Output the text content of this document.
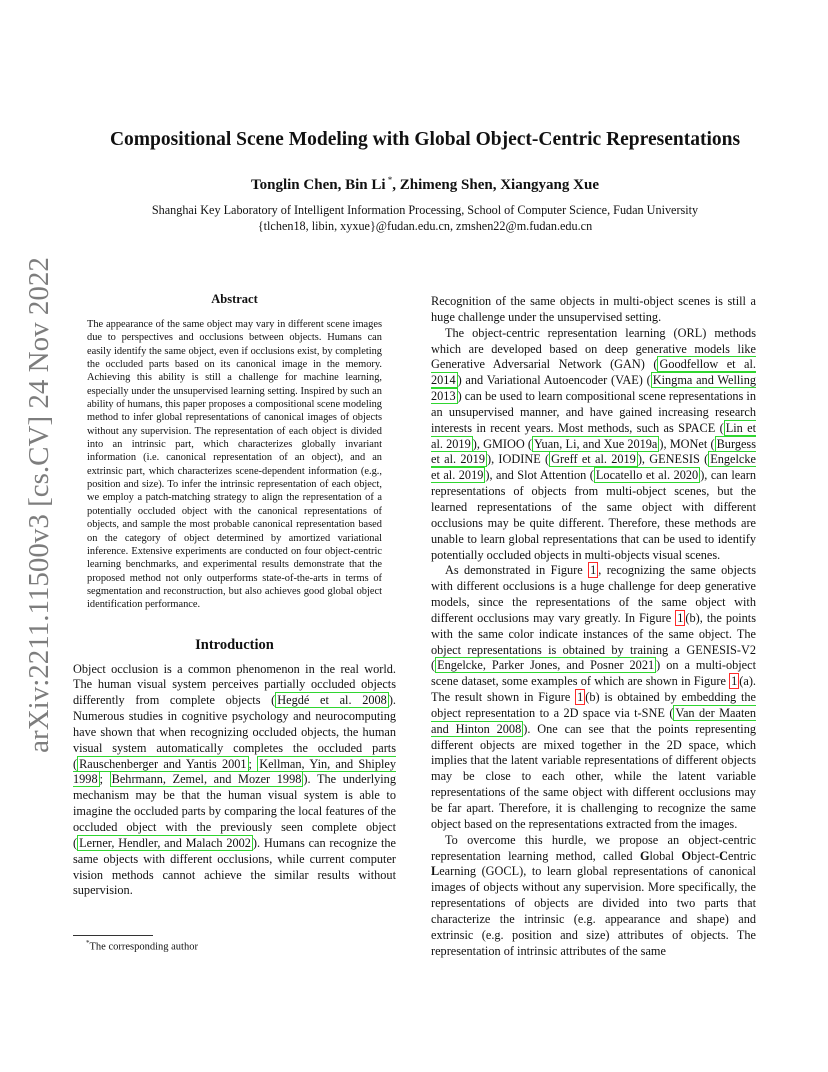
arXiv:2211.11500v3 [cs.CV] 24 Nov 2022
Compositional Scene Modeling with Global Object-Centric Representations
Tonglin Chen, Bin Li *, Zhimeng Shen, Xiangyang Xue
Shanghai Key Laboratory of Intelligent Information Processing, School of Computer Science, Fudan University
{tlchen18, libin, xyxue}@fudan.edu.cn, zmshen22@m.fudan.edu.cn
Abstract
The appearance of the same object may vary in different scene images due to perspectives and occlusions between objects. Humans can easily identify the same object, even if occlusions exist, by completing the occluded parts based on its canonical image in the memory. Achieving this ability is still a challenge for machine learning, especially under the unsupervised learning setting. Inspired by such an ability of humans, this paper proposes a compositional scene modeling method to infer global representations of canonical images of objects without any supervision. The representation of each object is divided into an intrinsic part, which characterizes globally invariant information (i.e. canonical representation of an object), and an extrinsic part, which characterizes scene-dependent information (e.g., position and size). To infer the intrinsic representation of each object, we employ a patch-matching strategy to align the representation of a potentially occluded object with the canonical representations of objects, and sample the most probable canonical representation based on the category of object determined by amortized variational inference. Extensive experiments are conducted on four object-centric learning benchmarks, and experimental results demonstrate that the proposed method not only outperforms state-of-the-arts in terms of segmentation and reconstruction, but also achieves good global object identification performance.
Introduction

Object occlusion is a common phenomenon in the real world. The human visual system perceives partially occluded objects differently from complete objects ( Hegdé et al. 2008 ). Numerous studies in cognitive psychology and neurocomputing have shown that when recognizing occluded objects, the human visual system automatically completes the occluded parts ( Rauschenberger and Yantis 2001 ; Kellman, Yin, and Shipley 1998 ; Behrmann, Zemel, and Mozer 1998 ). The underlying mechanism may be that the human visual system is able to imagine the occluded parts by comparing the local features of the occluded object with the previously seen complete object ( Lerner, Hendler, and Malach 2002 ). Humans can recognize the same objects with different occlusions, while current computer vision methods cannot achieve the similar results without supervision.

Recognition of the same objects in multi-object scenes is still a huge challenge under the unsupervised setting.

The object-centric representation learning (ORL) methods which are developed based on deep generative models like Generative Adversarial Network (GAN) ( Goodfellow et al. 2014 ) and Variational Autoencoder (VAE) ( Kingma and Welling 2013 ) can be used to learn compositional scene representations in an unsupervised manner, and have gained increasing research interests in recent years. Most methods, such as SPACE ( Lin et al. 2019 ), GMIOO ( Yuan, Li, and Xue 2019a ), MONet ( Burgess et al. 2019 ), IODINE ( Greff et al. 2019 ), GENESIS ( Engelcke et al. 2019 ), and Slot Attention ( Locatello et al. 2020 ), can learn representations of objects from multi-object scenes, but the learned representations of the same object with different occlusions may be quite different. Therefore, these methods are unable to learn global representations that can be used to identify potentially occluded objects in multi-objects visual scenes.

As demonstrated in Figure 1 , recognizing the same objects with different occlusions is a huge challenge for deep generative models, since the representations of the same object with different occlusions may vary greatly. In Figure 1 (b), the points with the same color indicate instances of the same object. The object representations is obtained by training a GENESIS-V2 ( Engelcke, Parker Jones, and Posner 2021 ) on a multi-object scene dataset, some examples of which are shown in Figure 1 (a). The result shown in Figure 1 (b) is obtained by embedding the object representation to a 2D space via t-SNE ( Van der Maaten and Hinton 2008 ). One can see that the points representing different objects are mixed together in the 2D space, which implies that the latent variable representations of different objects may be close to each other, while the latent variable representations of the same object with different occlusions may be far apart. Therefore, it is challenging to recognize the same object based on the representations extracted from the images.

To overcome this hurdle, we propose an object-centric representation learning method, called Global Object-Centric Learning (GOCL), to learn global representations of canonical images of objects without any supervision. More specifically, the representations of objects are divided into two parts that characterize the intrinsic (e.g. appearance and shape) and extrinsic (e.g. position and size) attributes of objects. The representation of intrinsic attributes of the same

*The corresponding author
